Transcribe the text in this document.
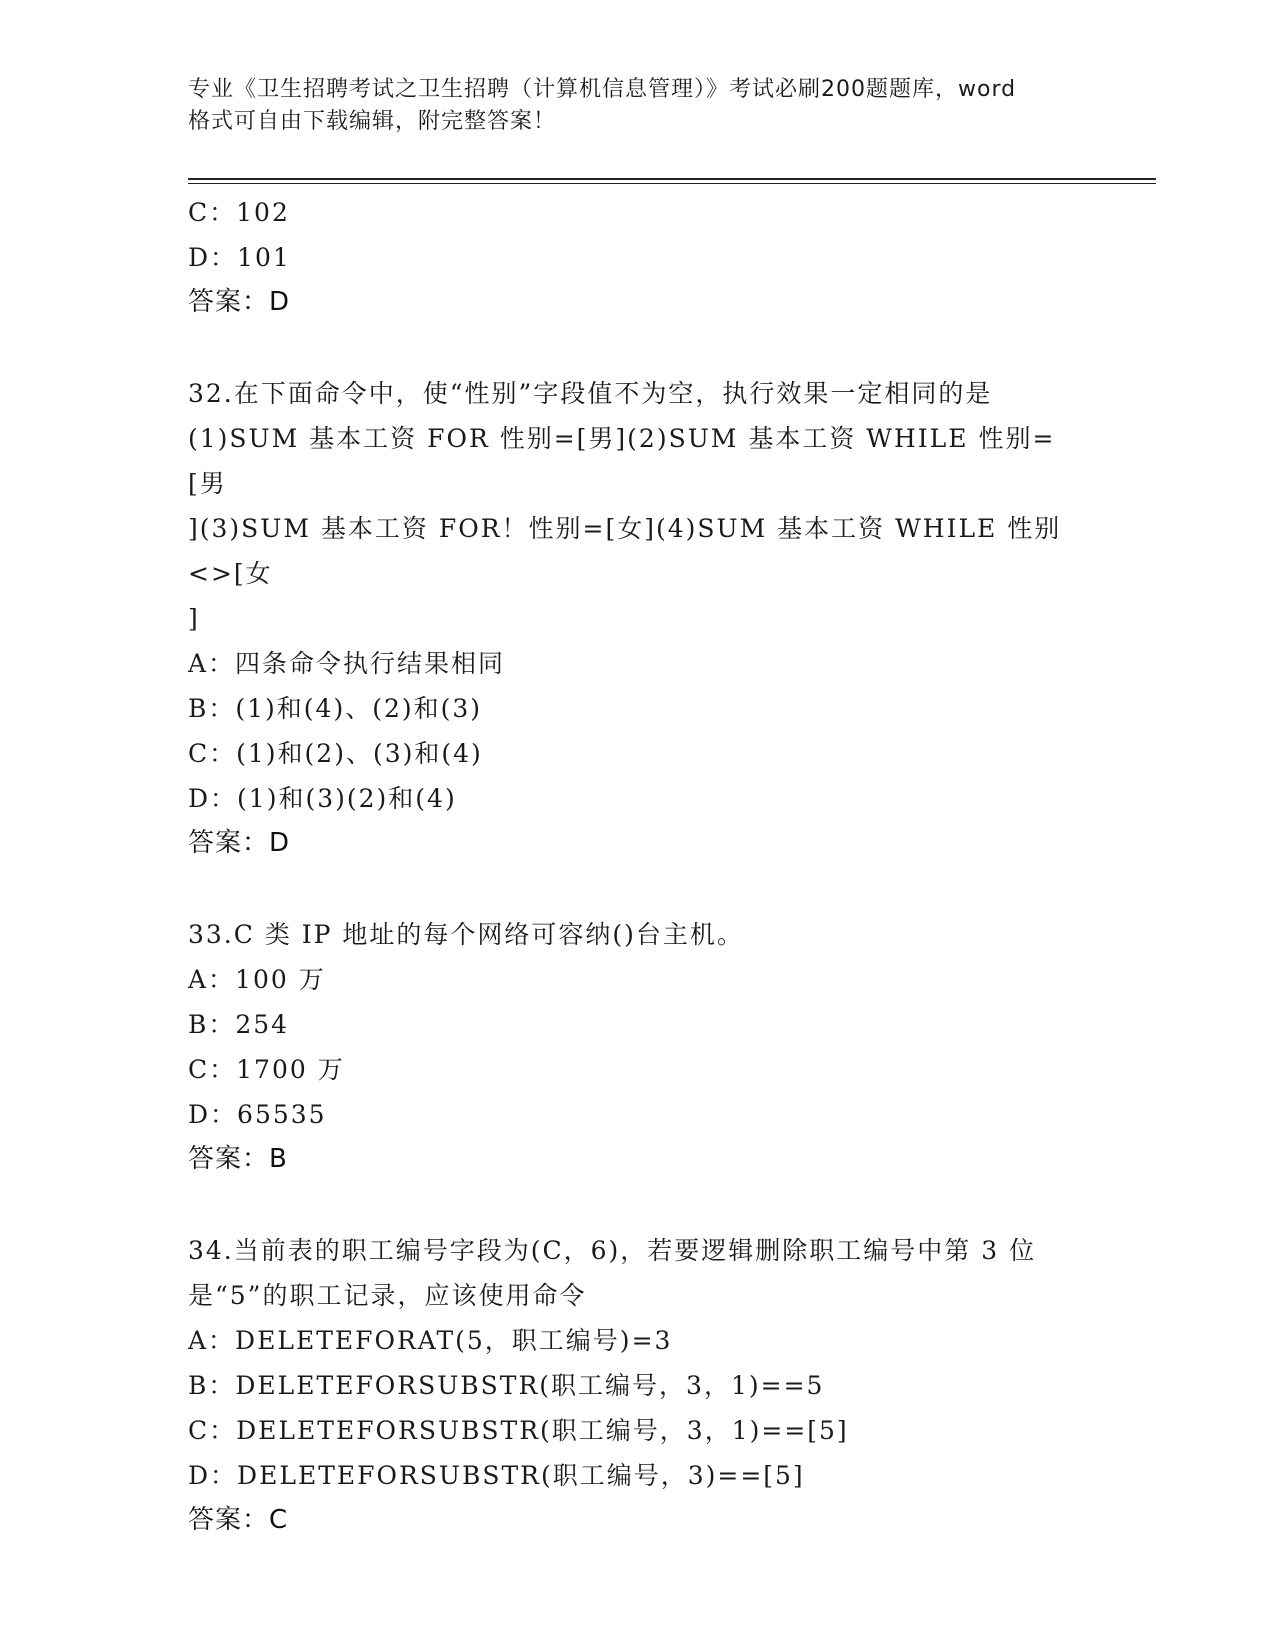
专业《卫生招聘考试之卫生招聘（计算机信息管理）》考试必刷200题题库，word
格式可自由下载编辑，附完整答案！
C：102
D：101
答案：D
32.在下面命令中，使“性别”字段值不为空，执行效果一定相同的是
(1)SUM 基本工资 FOR 性别=[男](2)SUM 基本工资 WHILE 性别=[男
](3)SUM 基本工资 FOR！性别=[女](4)SUM 基本工资 WHILE 性别<>[女
]
A：四条命令执行结果相同
B：(1)和(4)、(2)和(3)
C：(1)和(2)、(3)和(4)
D：(1)和(3)(2)和(4)
答案：D
33.C 类 IP 地址的每个网络可容纳()台主机。
A：100 万
B：254
C：1700 万
D：65535
答案：B
34.当前表的职工编号字段为(C，6)，若要逻辑删除职工编号中第 3 位
是“5”的职工记录，应该使用命令
A：DELETEFORAT(5，职工编号)=3
B：DELETEFORSUBSTR(职工编号，3，1)==5
C：DELETEFORSUBSTR(职工编号，3，1)==[5]
D：DELETEFORSUBSTR(职工编号，3)==[5]
答案：C
